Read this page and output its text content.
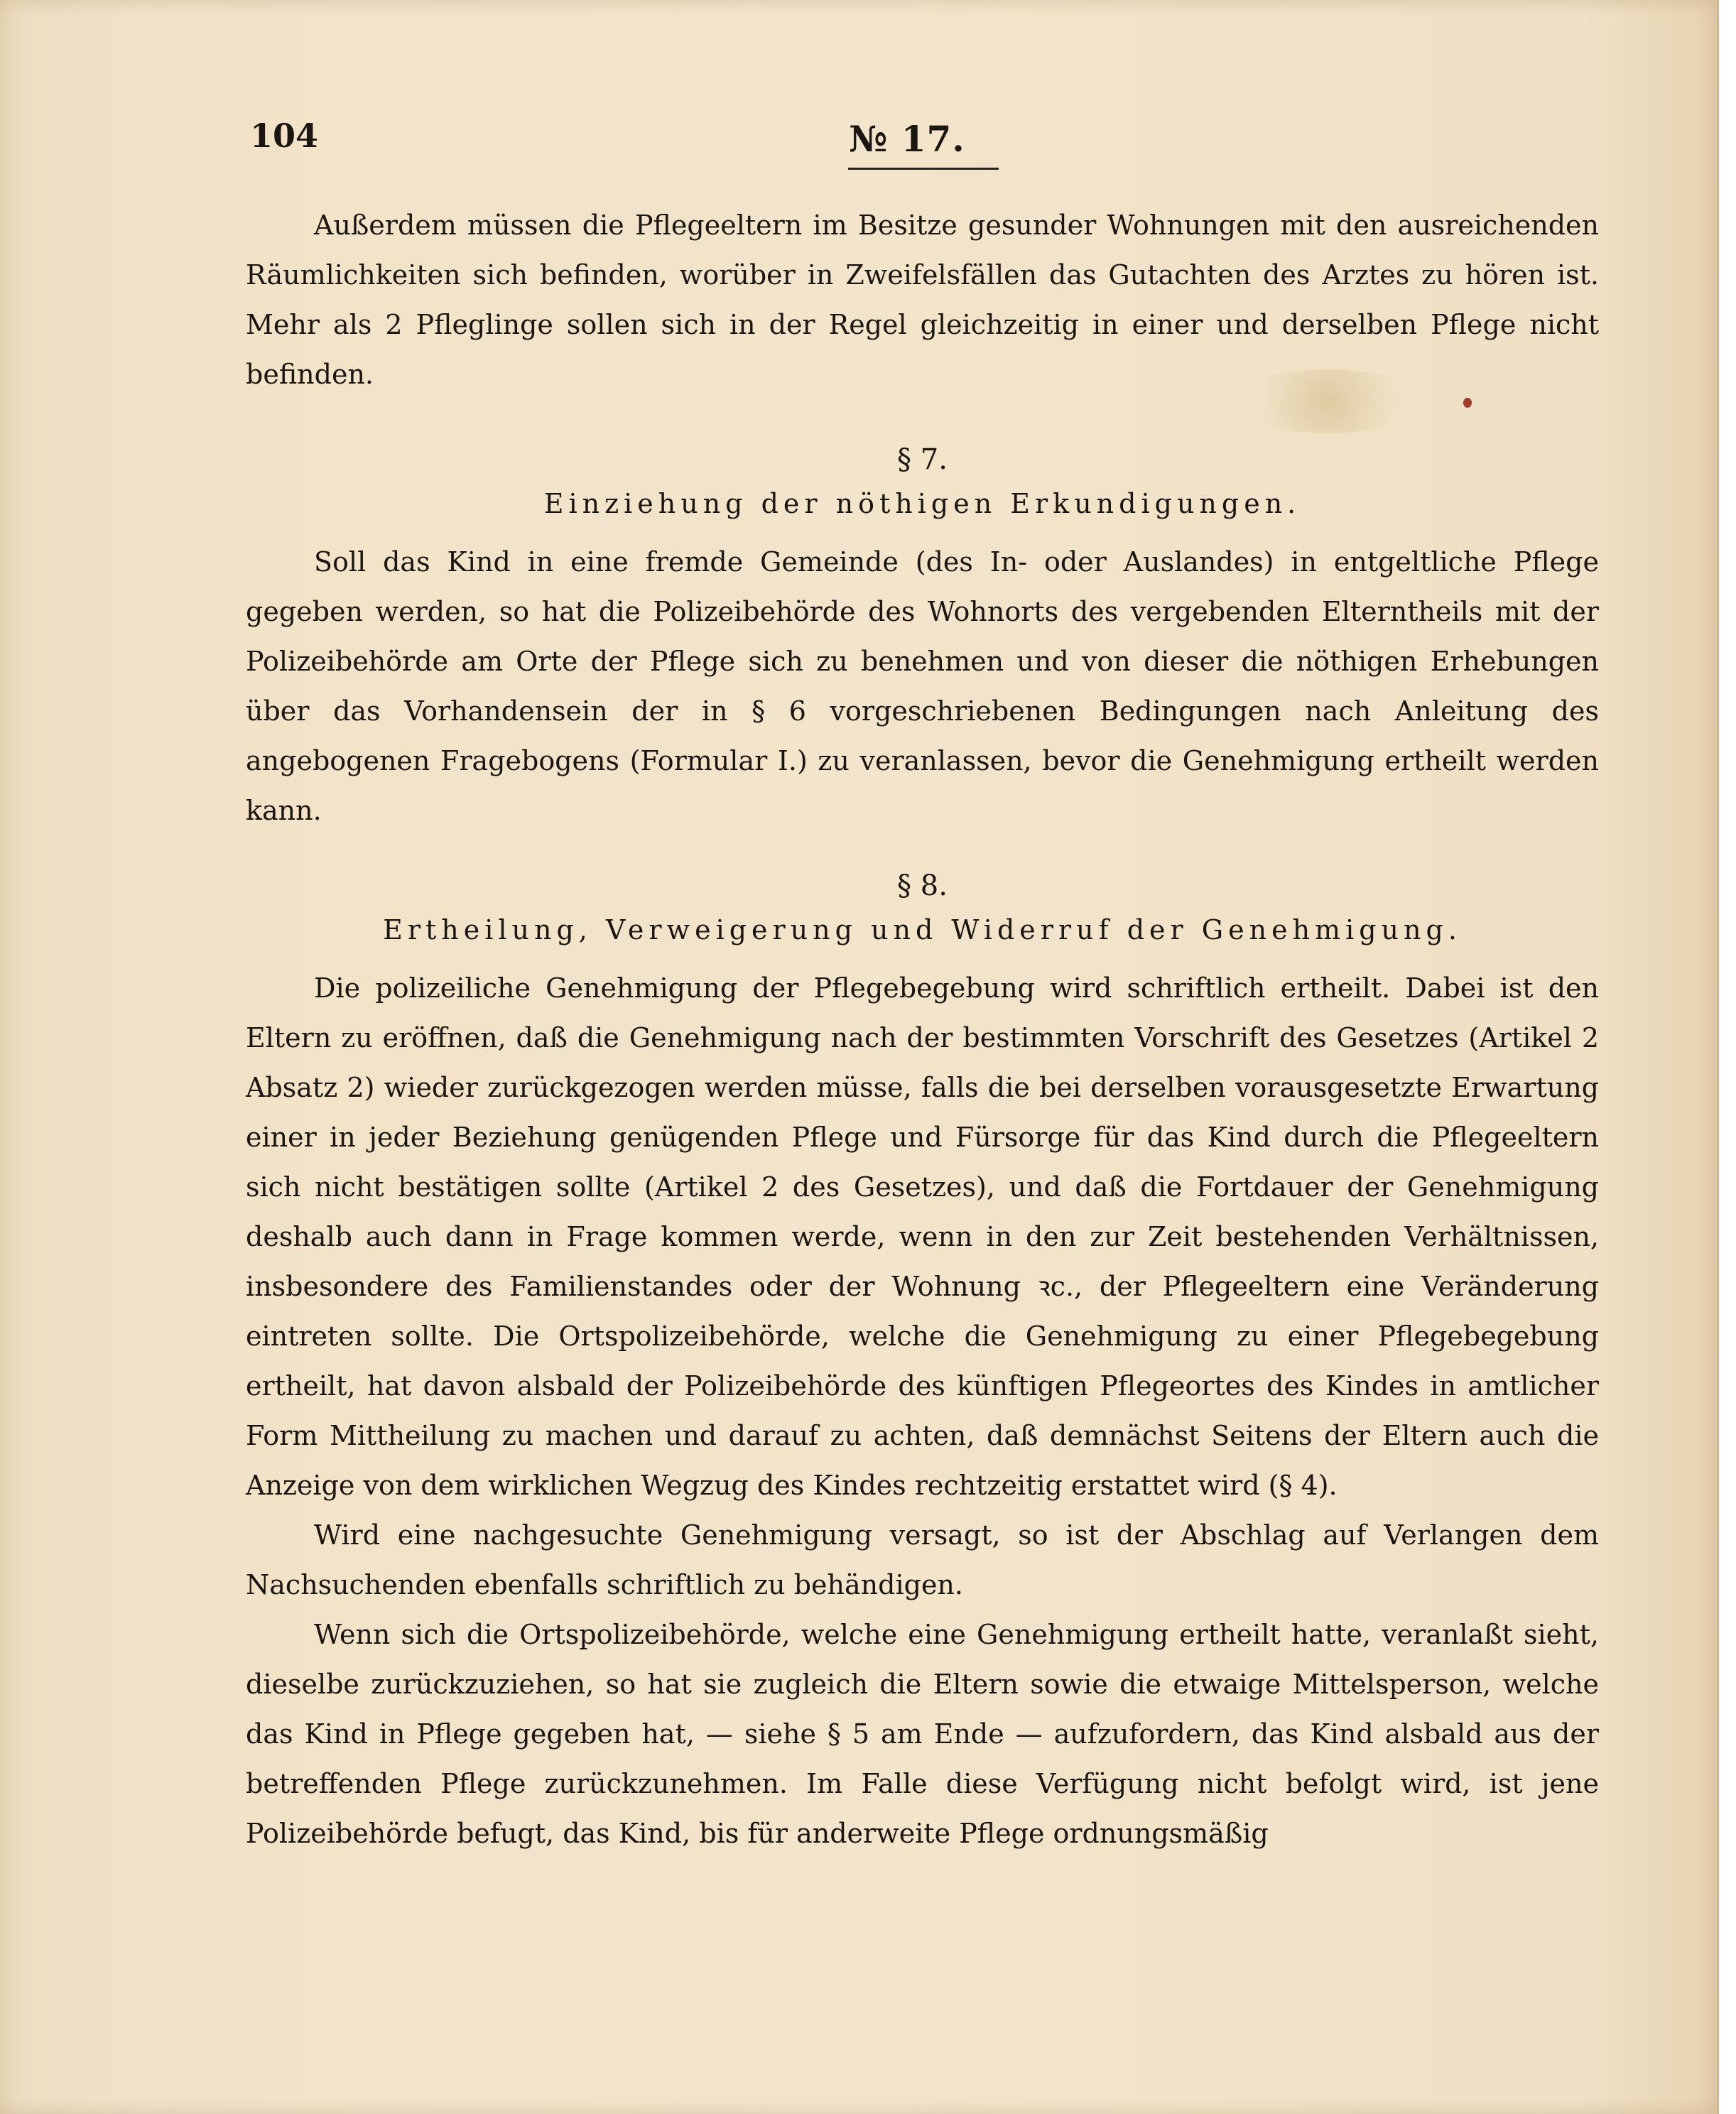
104	№ 17.

Außerdem müssen die Pflegeeltern im Besitze gesunder Wohnungen mit den ausreichenden Räumlichkeiten sich befinden, worüber in Zweifelsfällen das Gutachten des Arztes zu hören ist. Mehr als 2 Pfleglinge sollen sich in der Regel gleichzeitig in einer und derselben Pflege nicht befinden.

§ 7.

Einziehung der nöthigen Erkundigungen.

Soll das Kind in eine fremde Gemeinde (des In- oder Auslandes) in entgeltliche Pflege gegeben werden, so hat die Polizeibehörde des Wohnorts des vergebenden Elterntheils mit der Polizeibehörde am Orte der Pflege sich zu benehmen und von dieser die nöthigen Erhebungen über das Vorhandensein der in § 6 vorgeschriebenen Bedingungen nach Anleitung des angebogenen Fragebogens (Formular I.) zu veranlassen, bevor die Genehmigung ertheilt werden kann.

§ 8.

Ertheilung, Verweigerung und Widerruf der Genehmigung.

Die polizeiliche Genehmigung der Pflegebegebung wird schriftlich ertheilt. Dabei ist den Eltern zu eröffnen, daß die Genehmigung nach der bestimmten Vorschrift des Gesetzes (Artikel 2 Absatz 2) wieder zurückgezogen werden müsse, falls die bei derselben vorausgesetzte Erwartung einer in jeder Beziehung genügenden Pflege und Fürsorge für das Kind durch die Pflegeeltern sich nicht bestätigen sollte (Artikel 2 des Gesetzes), und daß die Fortdauer der Genehmigung deshalb auch dann in Frage kommen werde, wenn in den zur Zeit bestehenden Verhältnissen, insbesondere des Familienstandes oder der Wohnung ꝛc., der Pflegeeltern eine Veränderung eintreten sollte. Die Ortspolizeibehörde, welche die Genehmigung zu einer Pflegebegebung ertheilt, hat davon alsbald der Polizeibehörde des künftigen Pflegeortes des Kindes in amtlicher Form Mittheilung zu machen und darauf zu achten, daß demnächst Seitens der Eltern auch die Anzeige von dem wirklichen Wegzug des Kindes rechtzeitig erstattet wird (§ 4).

Wird eine nachgesuchte Genehmigung versagt, so ist der Abschlag auf Verlangen dem Nachsuchenden ebenfalls schriftlich zu behändigen.

Wenn sich die Ortspolizeibehörde, welche eine Genehmigung ertheilt hatte, veranlaßt sieht, dieselbe zurückzuziehen, so hat sie zugleich die Eltern sowie die etwaige Mittelsperson, welche das Kind in Pflege gegeben hat, — siehe § 5 am Ende — aufzufordern, das Kind alsbald aus der betreffenden Pflege zurückzunehmen. Im Falle diese Verfügung nicht befolgt wird, ist jene Polizeibehörde befugt, das Kind, bis für anderweite Pflege ordnungsmäßig
